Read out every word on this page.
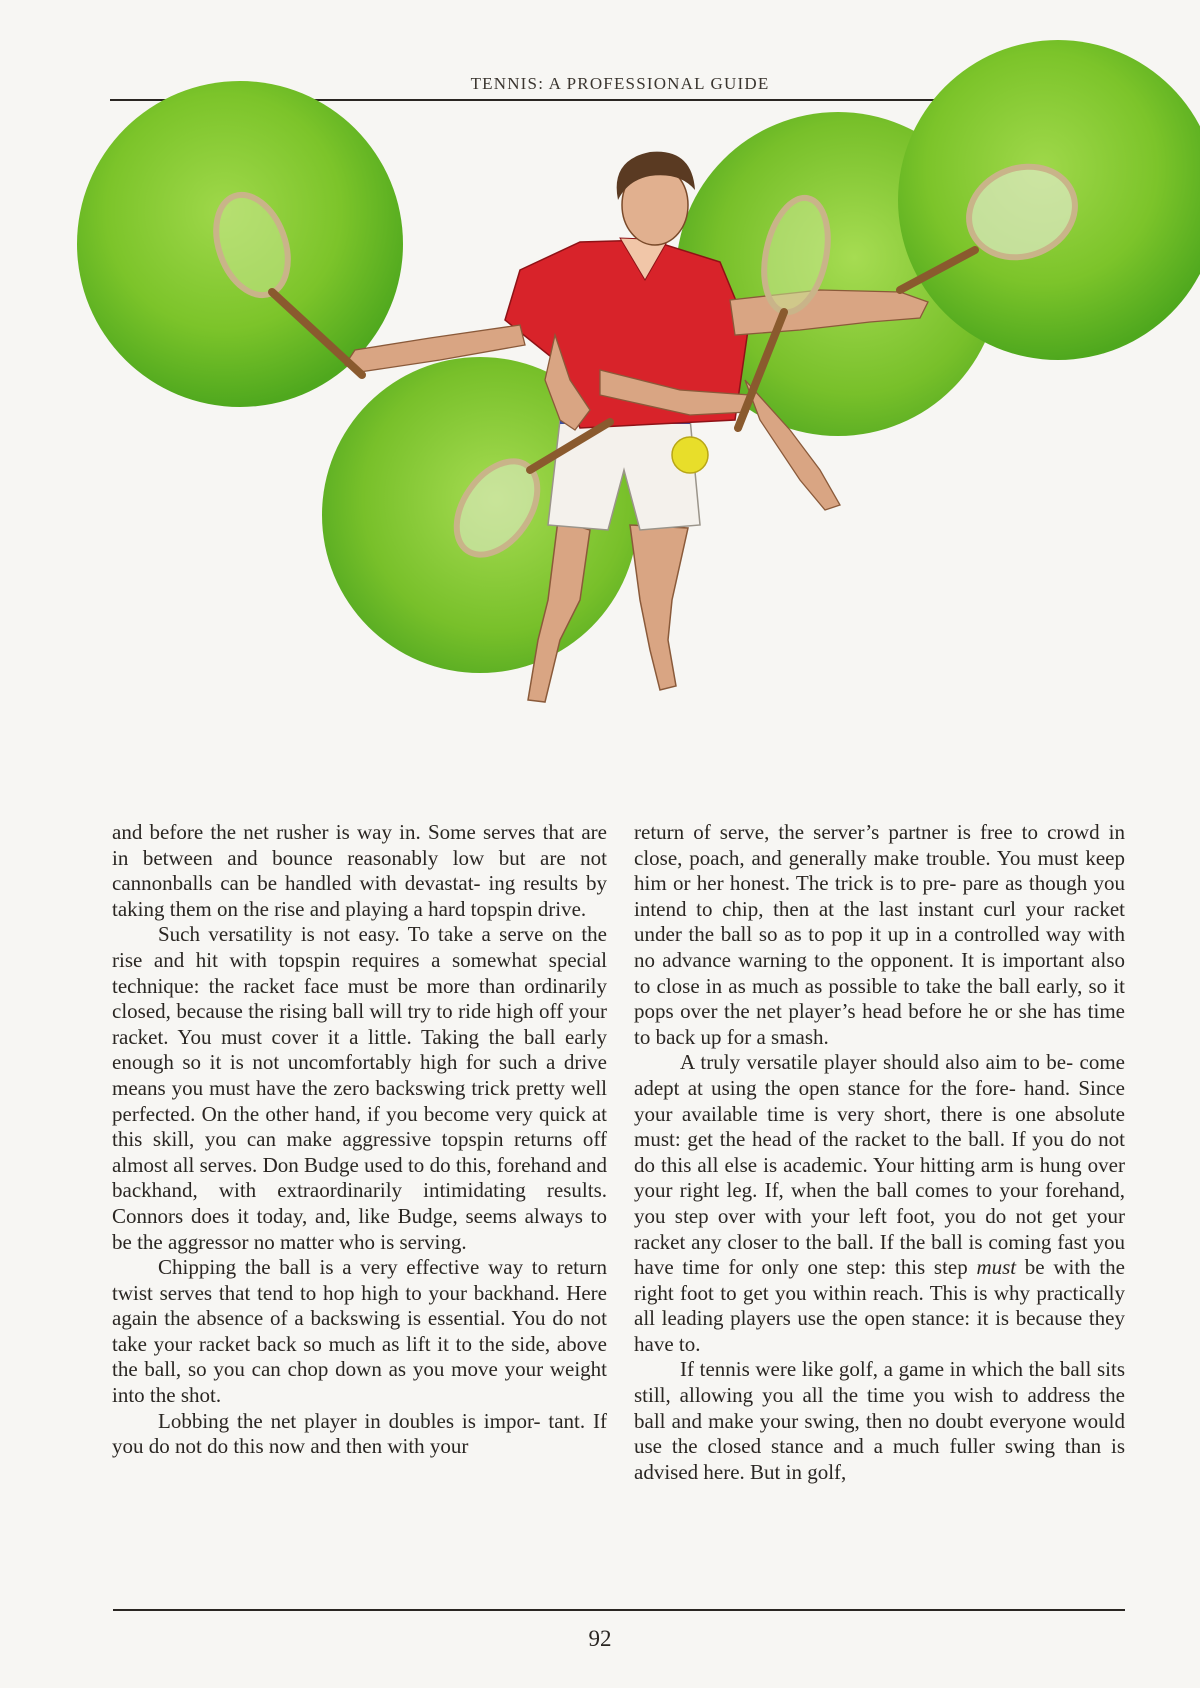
TENNIS: A PROFESSIONAL GUIDE

and before the net rusher is way in. Some serves that are in between and bounce reasonably low but are not cannonballs can be handled with devastat- ing results by taking them on the rise and playing a hard topspin drive.

Such versatility is not easy. To take a serve on the rise and hit with topspin requires a somewhat special technique: the racket face must be more than ordinarily closed, because the rising ball will try to ride high off your racket. You must cover it a little. Taking the ball early enough so it is not uncomfortably high for such a drive means you must have the zero backswing trick pretty well perfected. On the other hand, if you become very quick at this skill, you can make aggressive topspin returns off almost all serves. Don Budge used to do this, forehand and backhand, with extraordinarily intimidating results. Connors does it today, and, like Budge, seems always to be the aggressor no matter who is serving.

Chipping the ball is a very effective way to return twist serves that tend to hop high to your backhand. Here again the absence of a backswing is essential. You do not take your racket back so much as lift it to the side, above the ball, so you can chop down as you move your weight into the shot.

Lobbing the net player in doubles is impor- tant. If you do not do this now and then with your

return of serve, the server’s partner is free to crowd in close, poach, and generally make trouble. You must keep him or her honest. The trick is to pre- pare as though you intend to chip, then at the last instant curl your racket under the ball so as to pop it up in a controlled way with no advance warning to the opponent. It is important also to close in as much as possible to take the ball early, so it pops over the net player’s head before he or she has time to back up for a smash.

A truly versatile player should also aim to be- come adept at using the open stance for the fore- hand. Since your available time is very short, there is one absolute must: get the head of the racket to the ball. If you do not do this all else is academic. Your hitting arm is hung over your right leg. If, when the ball comes to your forehand, you step over with your left foot, you do not get your racket any closer to the ball. If the ball is coming fast you have time for only one step: this step must be with the right foot to get you within reach. This is why practically all leading players use the open stance: it is because they have to.

If tennis were like golf, a game in which the ball sits still, allowing you all the time you wish to address the ball and make your swing, then no doubt everyone would use the closed stance and a much fuller swing than is advised here. But in golf,

92
